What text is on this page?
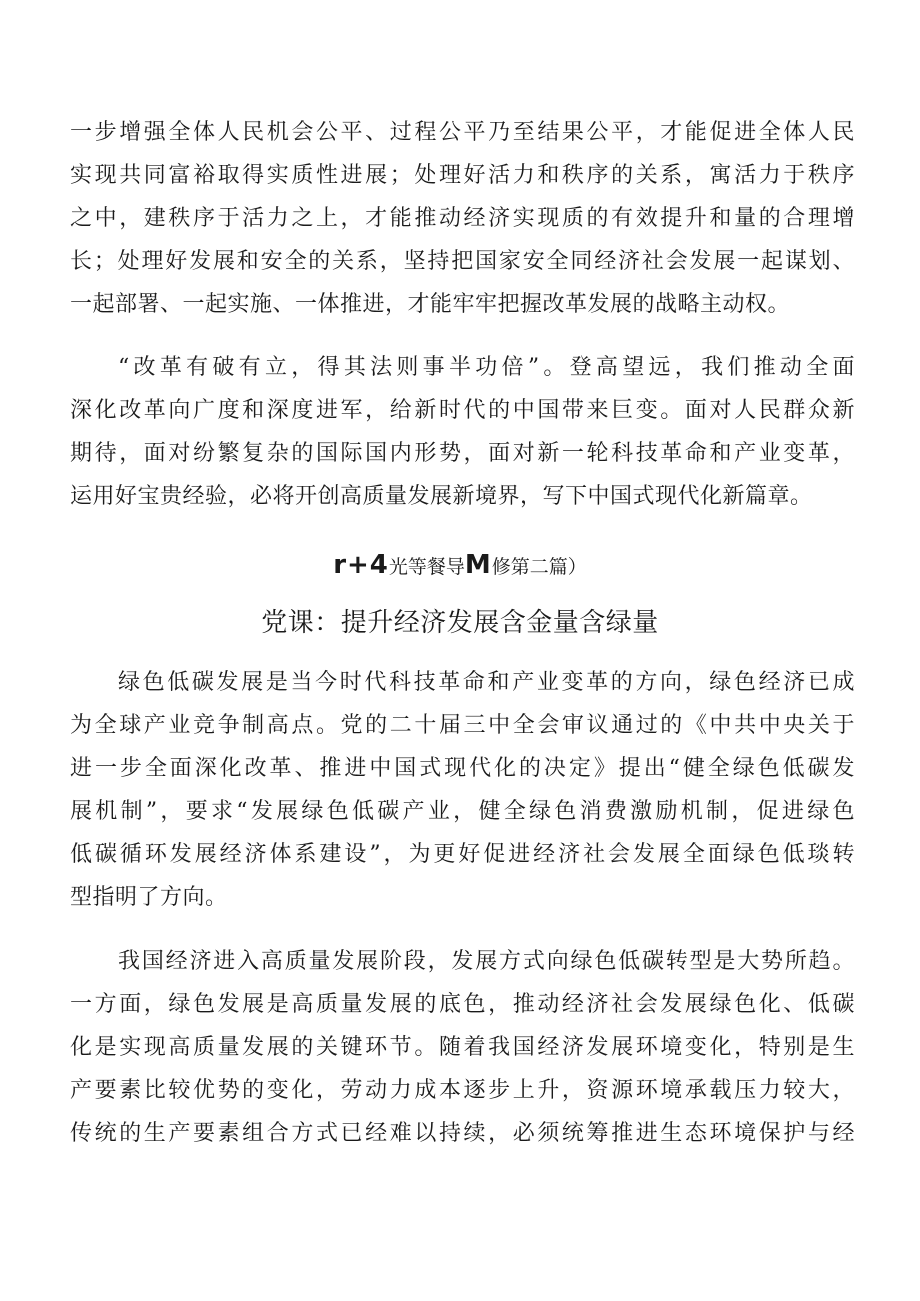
一步增强全体人民机会公平、过程公平乃至结果公平，才能促进全体人民
实现共同富裕取得实质性进展；处理好活力和秩序的关系，寓活力于秩序
之中，建秩序于活力之上，才能推动经济实现质的有效提升和量的合理增
长；处理好发展和安全的关系，坚持把国家安全同经济社会发展一起谋划、
一起部署、一起实施、一体推进，才能牢牢把握改革发展的战略主动权。
“改革有破有立，得其法则事半功倍”。登高望远，我们推动全面
深化改革向广度和深度进军，给新时代的中国带来巨变。面对人民群众新
期待，面对纷繁复杂的国际国内形势，面对新一轮科技革命和产业变革，
运用好宝贵经验，必将开创高质量发展新境界，写下中国式现代化新篇章。
r+4光等餐导M修第二篇）
党课：提升经济发展含金量含绿量
绿色低碳发展是当今时代科技革命和产业变革的方向，绿色经济已成
为全球产业竞争制高点。党的二十届三中全会审议通过的《中共中央关于
进一步全面深化改革、推进中国式现代化的决定》提出“健全绿色低碳发
展机制”，要求“发展绿色低碳产业，健全绿色消费激励机制，促进绿色
低碳循环发展经济体系建设”，为更好促进经济社会发展全面绿色低琰转
型指明了方向。
我国经济进入高质量发展阶段，发展方式向绿色低碳转型是大势所趋。
一方面，绿色发展是高质量发展的底色，推动经济社会发展绿色化、低碳
化是实现高质量发展的关键环节。随着我国经济发展环境变化，特别是生
产要素比较优势的变化，劳动力成本逐步上升，资源环境承载压力较大，
传统的生产要素组合方式已经难以持续，必须统筹推进生态环境保护与经
